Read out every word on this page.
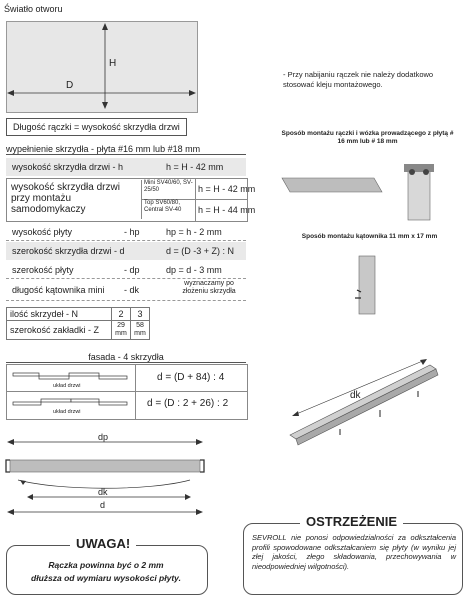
Światło otworu
H
D
- Przy nabijaniu rączek nie należy dodatkowo stosować kleju montażowego.
Długość rączki = wysokość skrzydła drzwi
wypełnienie skrzydła - płyta #16 mm lub #18 mm
wysokość skrzydła drzwi - h	h = H - 42 mm
wysokość skrzydła drzwi przy montażu samodomykaczy
Mini SV40/60, SV-25/50	h = H - 42 mm
Top SV60/80, Central SV-40	h = H - 44 mm
wysokość płyty	- hp	hp = h - 2 mm
szerokość skrzydła drzwi - d	d = (D -3 + Z) : N
szerokość płyty	- dp	dp = d - 3 mm
długość kątownika mini - dk
wyznaczamy po złożeniu skrzydła
ilość skrzydeł - N	2	3
szerokość zakładki - Z	29 mm	58 mm
fasada - 4 skrzydła
układ drzwi
d = (D + 84) : 4
układ drzwi
d = (D : 2 + 26) : 2
dp
dk
d
Sposób montażu rączki i wózka prowadzącego z płytą # 16 mm lub # 18 mm
Sposób montażu kątownika 11 mm x 17 mm
dk
UWAGA!
Rączka powinna być o 2 mm
dłuższa od wymiaru wysokości płyty.
OSTRZEŻENIE
SEVROLL nie ponosi odpowiedzialności za odkształcenia profili spowodowane odkształcaniem się płyty (w wyniku jej złej jakości, złego składowania, przechowywania w nieodpowiedniej wilgotności).
